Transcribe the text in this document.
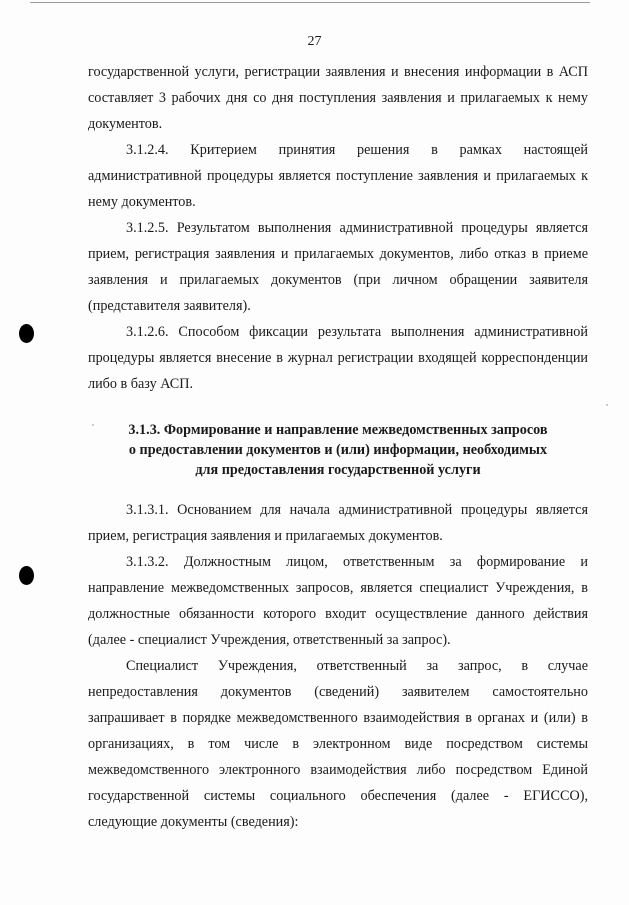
27

государственной услуги, регистрации заявления и внесения информации в АСП составляет 3 рабочих дня со дня поступления заявления и прилагаемых к нему документов.

3.1.2.4. Критерием принятия решения в рамках настоящей административной процедуры является поступление заявления и прилагаемых к нему документов.

3.1.2.5. Результатом выполнения административной процедуры является прием, регистрация заявления и прилагаемых документов, либо отказ в приеме заявления и прилагаемых документов (при личном обращении заявителя (представителя заявителя).

3.1.2.6. Способом фиксации результата выполнения административной процедуры является внесение в журнал регистрации входящей корреспонденции либо в базу АСП.

3.1.3. Формирование и направление межведомственных запросов
о предоставлении документов и (или) информации, необходимых
для предоставления государственной услуги

3.1.3.1. Основанием для начала административной процедуры является прием, регистрация заявления и прилагаемых документов.

3.1.3.2. Должностным лицом, ответственным за формирование и направление межведомственных запросов, является специалист Учреждения, в должностные обязанности которого входит осуществление данного действия (далее - специалист Учреждения, ответственный за запрос).

Специалист Учреждения, ответственный за запрос, в случае непредоставления документов (сведений) заявителем самостоятельно запрашивает в порядке межведомственного взаимодействия в органах и (или) в организациях, в том числе в электронном виде посредством системы межведомственного электронного взаимодействия либо посредством Единой государственной системы социального обеспечения (далее - ЕГИССО), следующие документы (сведения):
